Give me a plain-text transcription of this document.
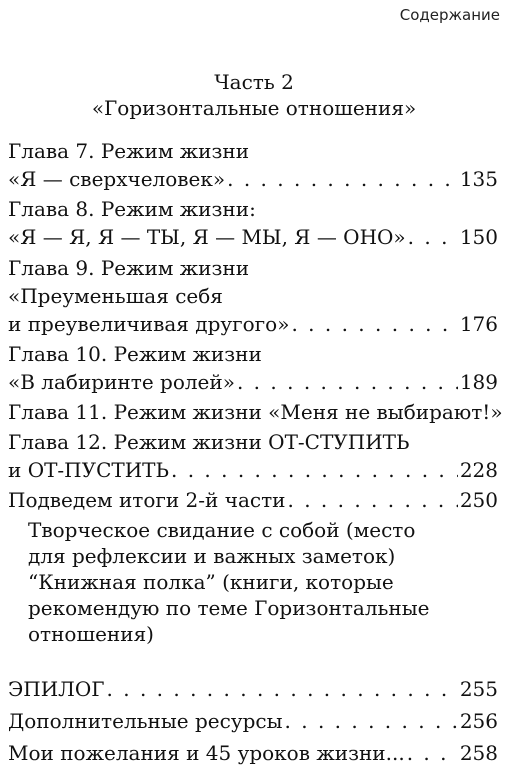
Содержание
Часть 2
«Горизонтальные отношения»
Глава 7. Режим жизни
«Я — сверхчеловек» . . .	135
Глава 8. Режим жизни:
«Я — Я, Я — ТЫ, Я — МЫ, Я — ОНО» . . .	150
Глава 9. Режим жизни
«Преуменьшая себя
и преувеличивая другого» . . .	176
Глава 10. Режим жизни
«В лабиринте ролей» . . .	189
Глава 11. Режим жизни «Меня не выбирают!»
Глава 12. Режим жизни ОТ-СТУПИТЬ
и ОТ-ПУСТИТЬ . . .	228
Подведем итоги 2-й части . . .	250
Творческое свидание с собой (место
для рефлексии и важных заметок)
“Книжная полка” (книги, которые
рекомендую по теме Горизонтальные
отношения)
ЭПИЛОГ . . .	255
Дополнительные ресурсы . . .	256
Мои пожелания и 45 уроков жизни... . . .	258
